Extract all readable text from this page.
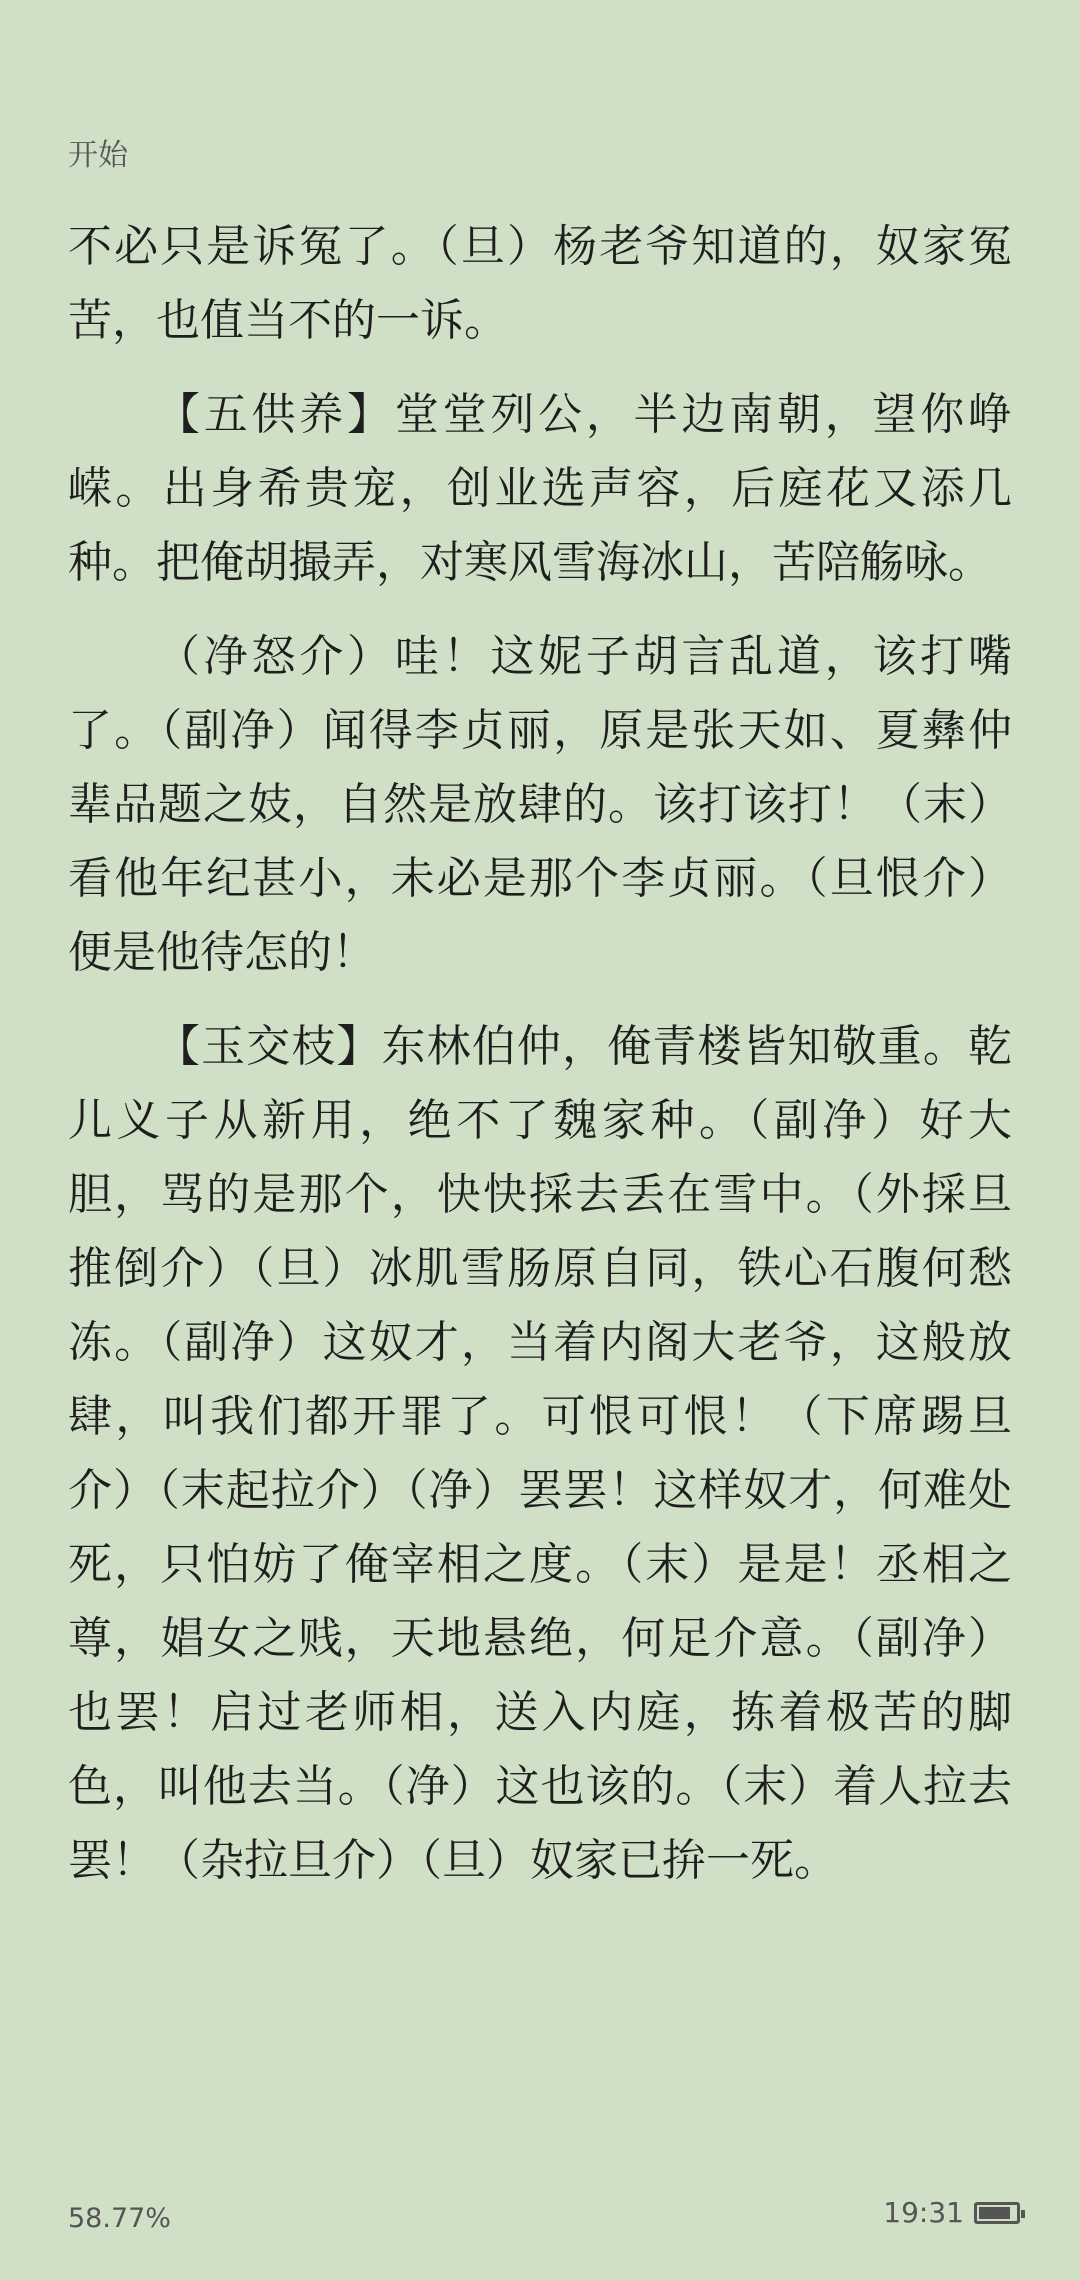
开始

不必只是诉冤了。（旦）杨老爷知道的，奴家冤苦，也值当不的一诉。

【五供养】堂堂列公，半边南朝，望你峥嵘。出身希贵宠，创业选声容，后庭花又添几种。把俺胡撮弄，对寒风雪海冰山，苦陪觞咏。

（净怒介）哇！这妮子胡言乱道，该打嘴了。（副净）闻得李贞丽，原是张天如、夏彝仲辈品题之妓，自然是放肆的。该打该打！（末）看他年纪甚小，未必是那个李贞丽。（旦恨介）便是他待怎的！

【玉交枝】东林伯仲，俺青楼皆知敬重。乾儿义子从新用，绝不了魏家种。（副净）好大胆，骂的是那个，快快採去丢在雪中。（外採旦推倒介）（旦）冰肌雪肠原自同，铁心石腹何愁冻。（副净）这奴才，当着内阁大老爷，这般放肆，叫我们都开罪了。可恨可恨！（下席踢旦介）（末起拉介）（净）罢罢！这样奴才，何难处死，只怕妨了俺宰相之度。（末）是是！丞相之尊，娼女之贱，天地悬绝，何足介意。（副净）也罢！启过老师相，送入内庭，拣着极苦的脚色，叫他去当。（净）这也该的。（末）着人拉去罢！（杂拉旦介）（旦）奴家已拚一死。

58.77%	19:31
